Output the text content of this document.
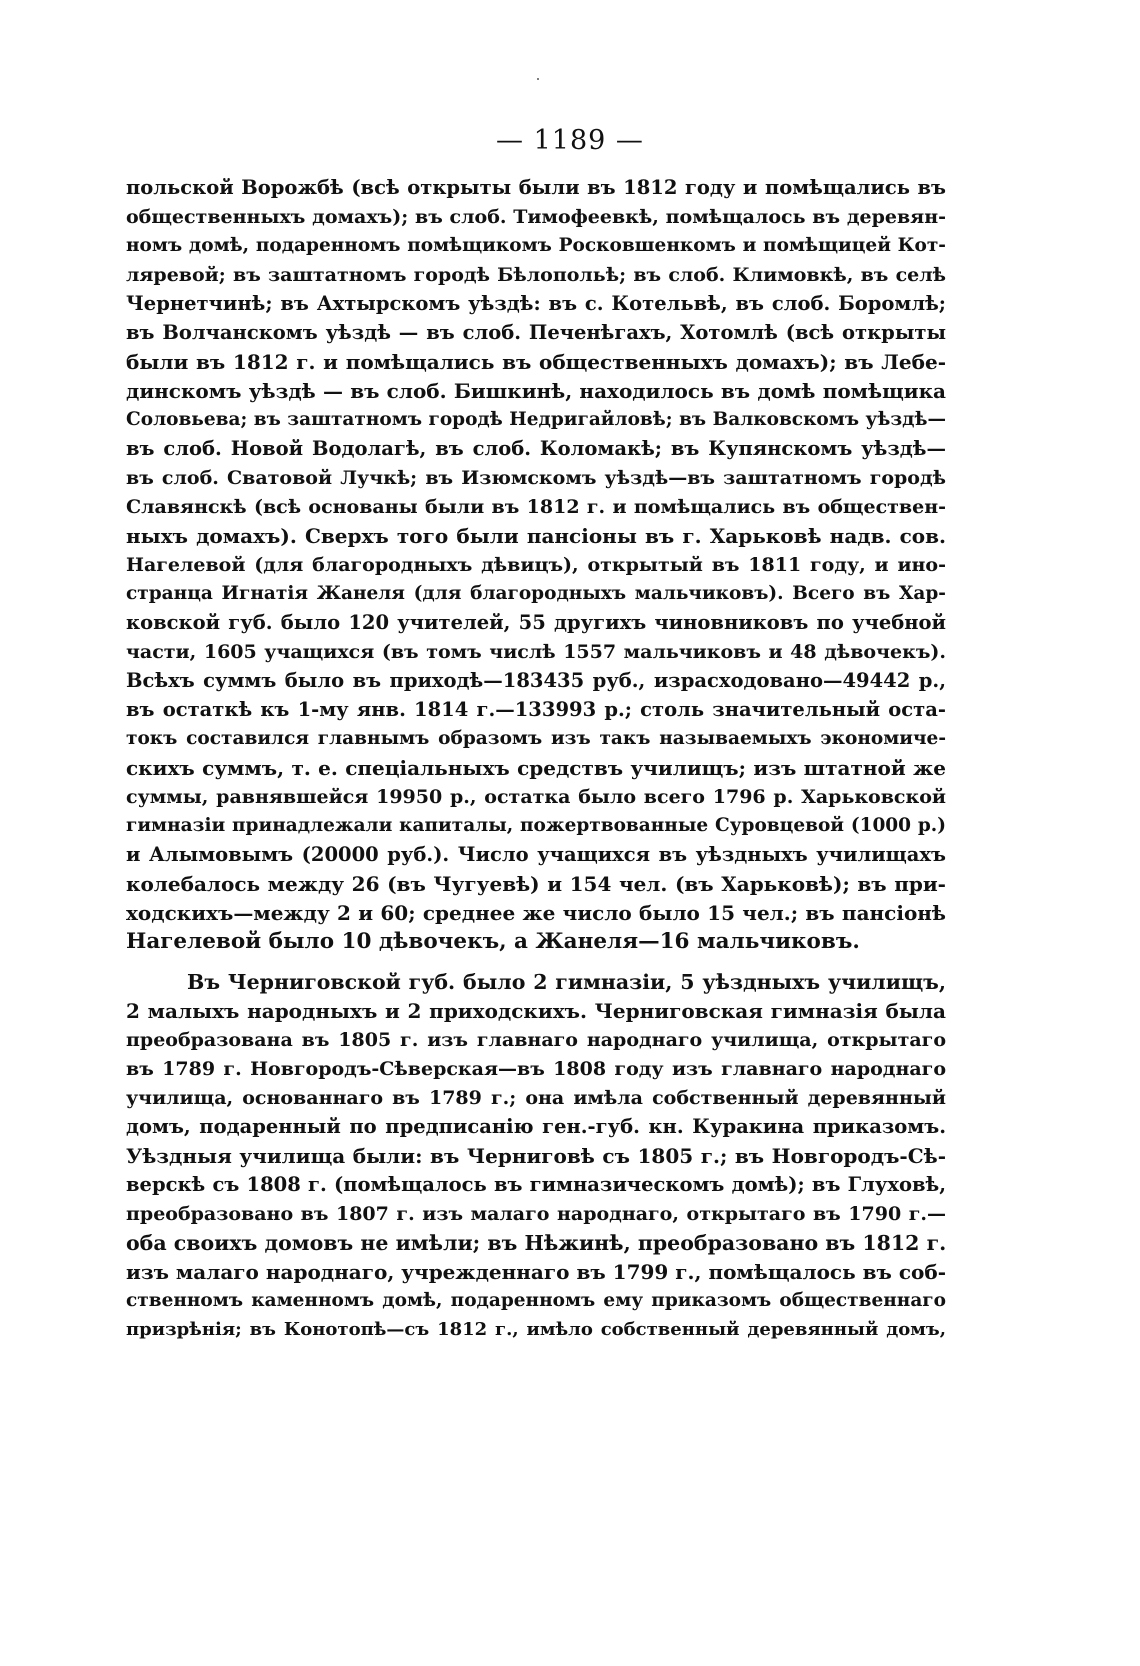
— 1189 —
польской Ворожбѣ (всѣ открыты были въ 1812 году и помѣщались въ
общественныхъ домахъ); въ слоб. Тимофеевкѣ, помѣщалось въ деревян-
номъ домѣ, подаренномъ помѣщикомъ Росковшенкомъ и помѣщицей Кот-
ляревой; въ заштатномъ городѣ Бѣлопольѣ; въ слоб. Климовкѣ, въ селѣ
Чернетчинѣ; въ Ахтырскомъ уѣздѣ: въ с. Котельвѣ, въ слоб. Боромлѣ;
въ Волчанскомъ уѣздѣ — въ слоб. Печенѣгахъ, Хотомлѣ (всѣ открыты
были въ 1812 г. и помѣщались въ общественныхъ домахъ); въ Лебе-
динскомъ уѣздѣ — въ слоб. Бишкинѣ, находилось въ домѣ помѣщика
Соловьева; въ заштатномъ городѣ Недригайловѣ; въ Валковскомъ уѣздѣ—
въ слоб. Новой Водолагѣ, въ слоб. Коломакѣ; въ Купянскомъ уѣздѣ—
въ слоб. Сватовой Лучкѣ; въ Изюмскомъ уѣздѣ—въ заштатномъ городѣ
Славянскѣ (всѣ основаны были въ 1812 г. и помѣщались въ обществен-
ныхъ домахъ). Сверхъ того были пансіоны въ г. Харьковѣ надв. сов.
Нагелевой (для благородныхъ дѣвицъ), открытый въ 1811 году, и ино-
странца Игнатія Жанеля (для благородныхъ мальчиковъ). Всего въ Хар-
ковской губ. было 120 учителей, 55 другихъ чиновниковъ по учебной
части, 1605 учащихся (въ томъ числѣ 1557 мальчиковъ и 48 дѣвочекъ).
Всѣхъ суммъ было въ приходѣ—183435 руб., израсходовано—49442 р.,
въ остаткѣ къ 1-му янв. 1814 г.—133993 р.; столь значительный оста-
токъ составился главнымъ образомъ изъ такъ называемыхъ экономиче-
скихъ суммъ, т. е. спеціальныхъ средствъ училищъ; изъ штатной же
суммы, равнявшейся 19950 р., остатка было всего 1796 р. Харьковской
гимназіи принадлежали капиталы, пожертвованные Суровцевой (1000 р.)
и Алымовымъ (20000 руб.). Число учащихся въ уѣздныхъ училищахъ
колебалось между 26 (въ Чугуевѣ) и 154 чел. (въ Харьковѣ); въ при-
ходскихъ—между 2 и 60; среднее же число было 15 чел.; въ пансіонѣ
Нагелевой было 10 дѣвочекъ, а Жанеля—16 мальчиковъ.
Въ Черниговской губ. было 2 гимназіи, 5 уѣздныхъ училищъ,
2 малыхъ народныхъ и 2 приходскихъ. Черниговская гимназія была
преобразована въ 1805 г. изъ главнаго народнаго училища, открытаго
въ 1789 г. Новгородъ-Сѣверская—въ 1808 году изъ главнаго народнаго
училища, основаннаго въ 1789 г.; она имѣла собственный деревянный
домъ, подаренный по предписанію ген.-губ. кн. Куракина приказомъ.
Уѣздныя училища были: въ Черниговѣ съ 1805 г.; въ Новгородъ-Сѣ-
верскѣ съ 1808 г. (помѣщалось въ гимназическомъ домѣ); въ Глуховѣ,
преобразовано въ 1807 г. изъ малаго народнаго, открытаго въ 1790 г.—
оба своихъ домовъ не имѣли; въ Нѣжинѣ, преобразовано въ 1812 г.
изъ малаго народнаго, учрежденнаго въ 1799 г., помѣщалось въ соб-
ственномъ каменномъ домѣ, подаренномъ ему приказомъ общественнаго
призрѣнія; въ Конотопѣ—съ 1812 г., имѣло собственный деревянный домъ,
